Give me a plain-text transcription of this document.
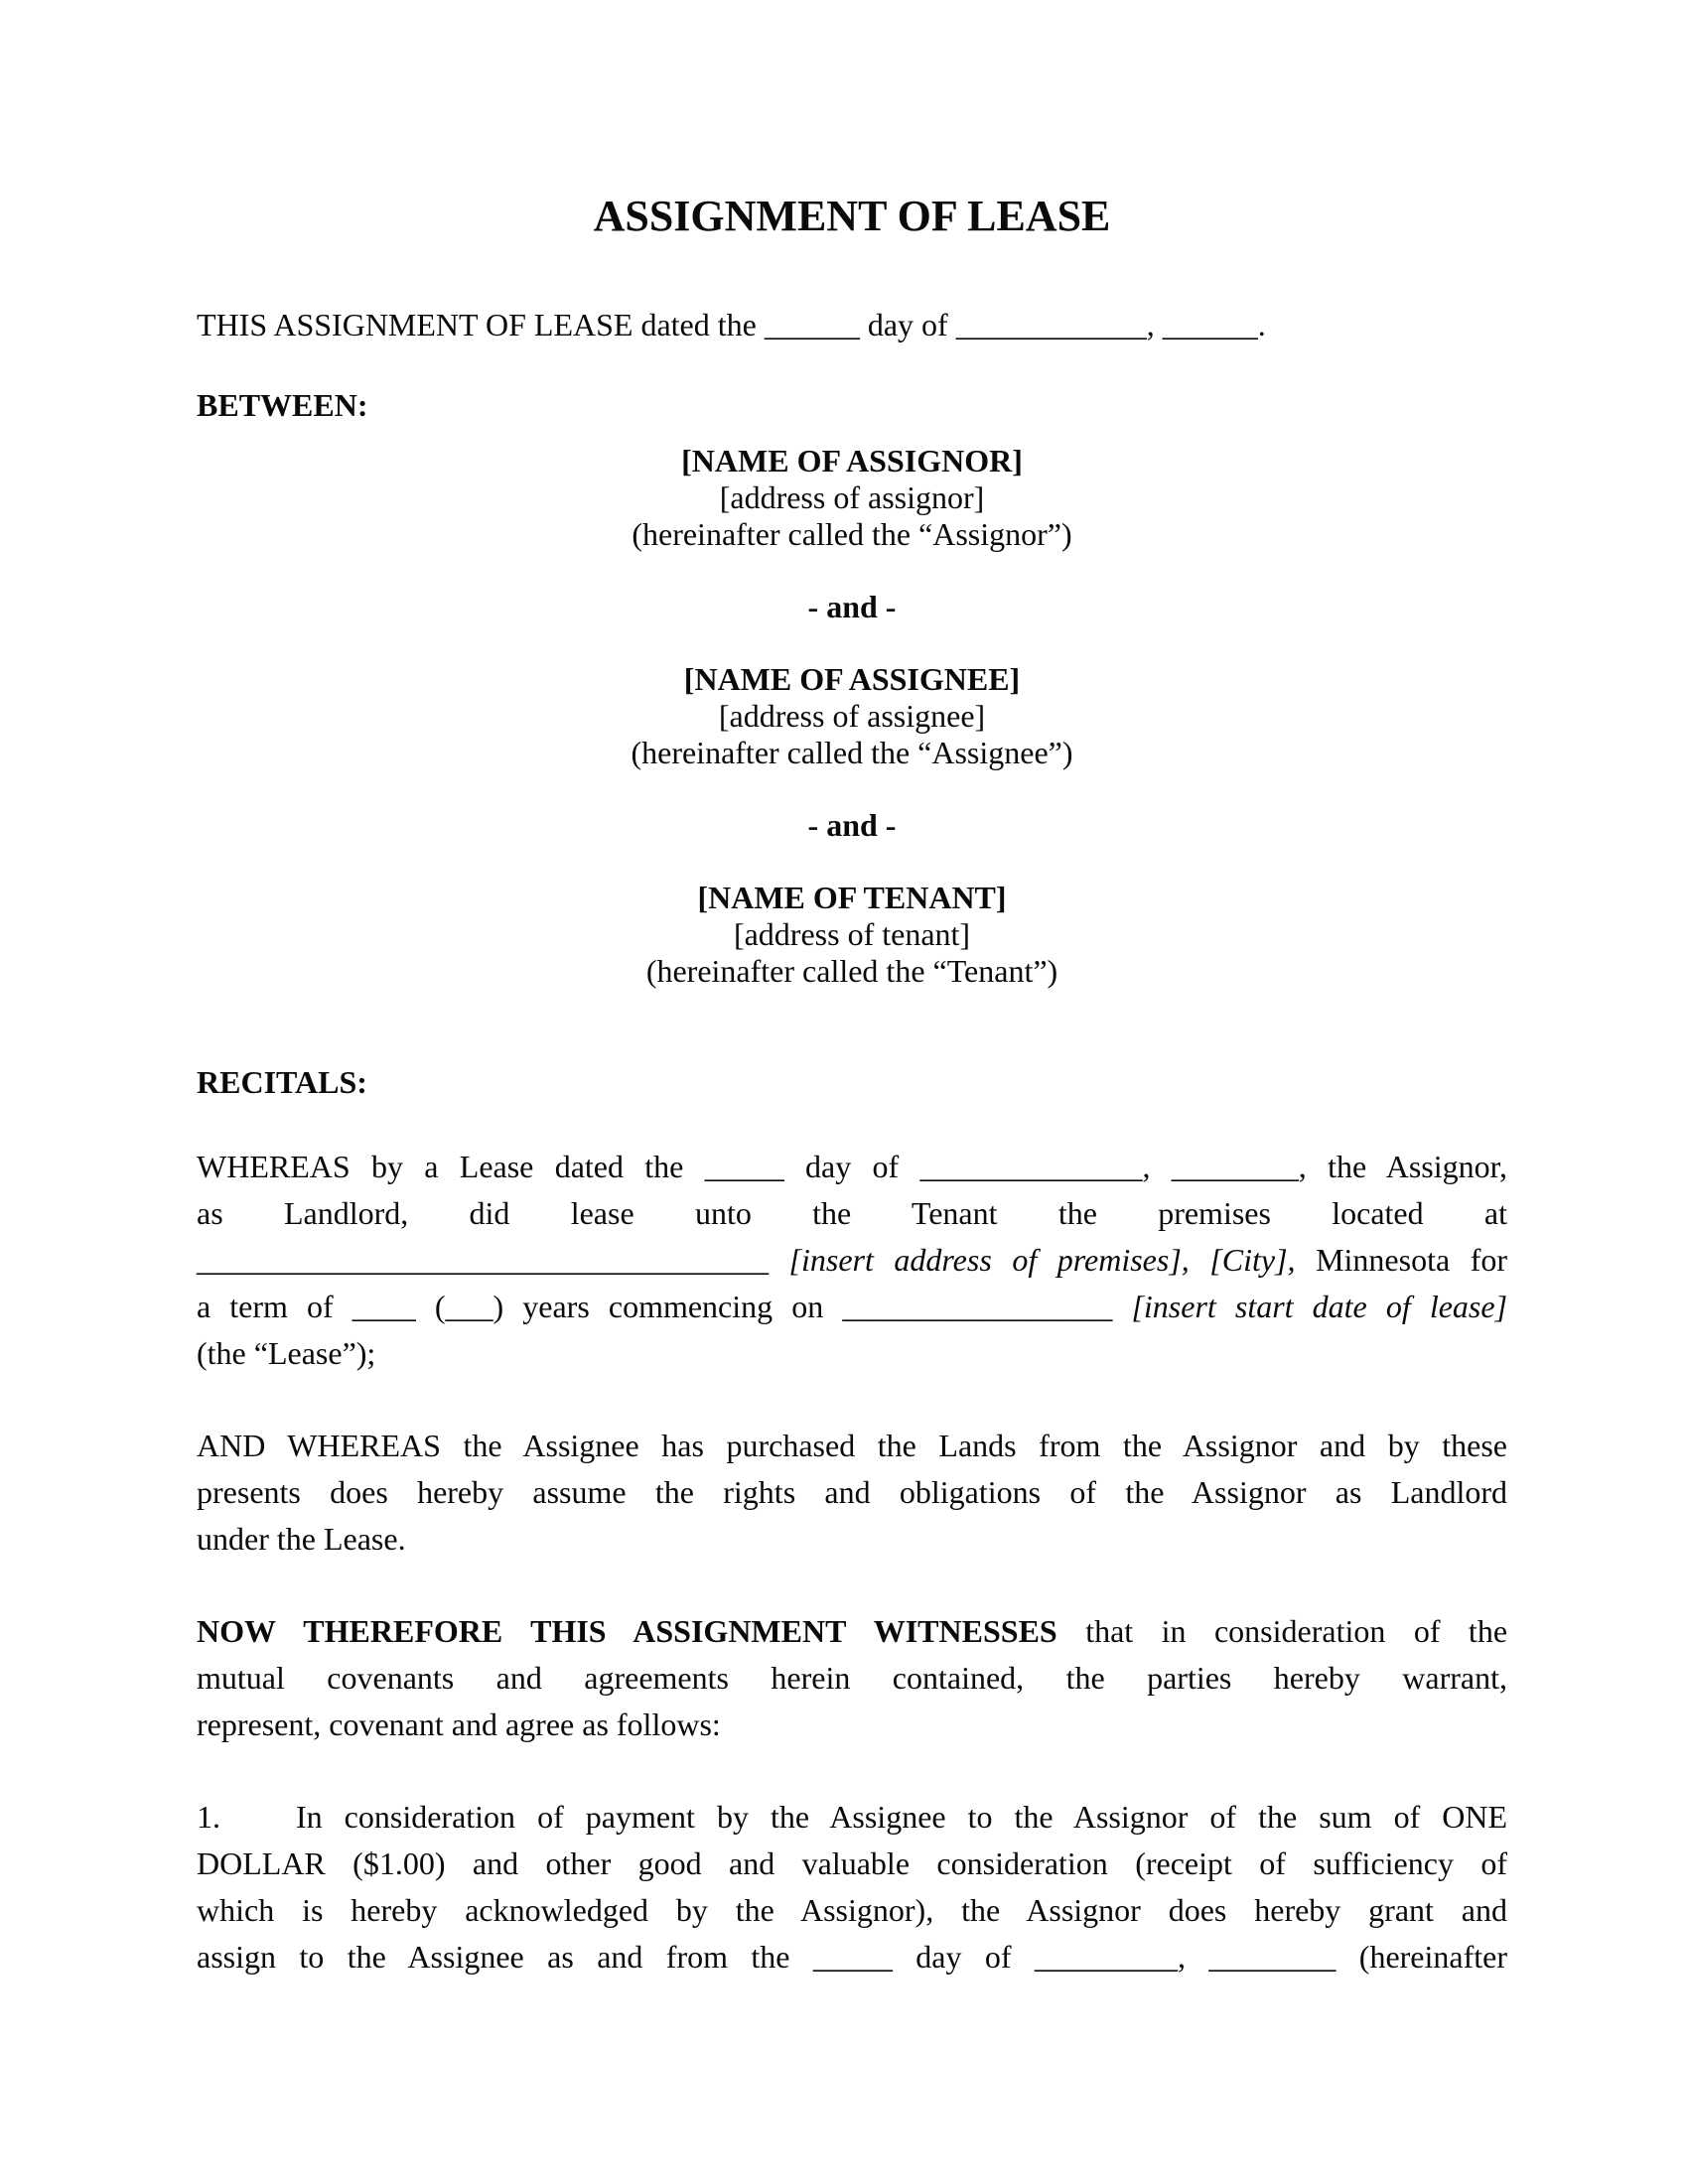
ASSIGNMENT OF LEASE
THIS ASSIGNMENT OF LEASE dated the ______ day of ____________, ______.
BETWEEN:
[NAME OF ASSIGNOR]
[address of assignor]
(hereinafter called the “Assignor”)
- and -
[NAME OF ASSIGNEE]
[address of assignee]
(hereinafter called the “Assignee”)
- and -
[NAME OF TENANT]
[address of tenant]
(hereinafter called the “Tenant”)
RECITALS:
WHEREAS by a Lease dated the _____ day of ______________, ________, the Assignor,
as Landlord, did lease unto the Tenant the premises located at
____________________________________ [insert address of premises], [City], Minnesota for
a term of ____ (___) years commencing on _________________ [insert start date of lease]
(the “Lease”);
AND WHEREAS the Assignee has purchased the Lands from the Assignor and by these
presents does hereby assume the rights and obligations of the Assignor as Landlord
under the Lease.
NOW THEREFORE THIS ASSIGNMENT WITNESSES that in consideration of the
mutual covenants and agreements herein contained, the parties hereby warrant,
represent, covenant and agree as follows:
1. In consideration of payment by the Assignee to the Assignor of the sum of ONE
DOLLAR ($1.00) and other good and valuable consideration (receipt of sufficiency of
which is hereby acknowledged by the Assignor), the Assignor does hereby grant and
assign to the Assignee as and from the _____ day of _________, ________ (hereinafter
